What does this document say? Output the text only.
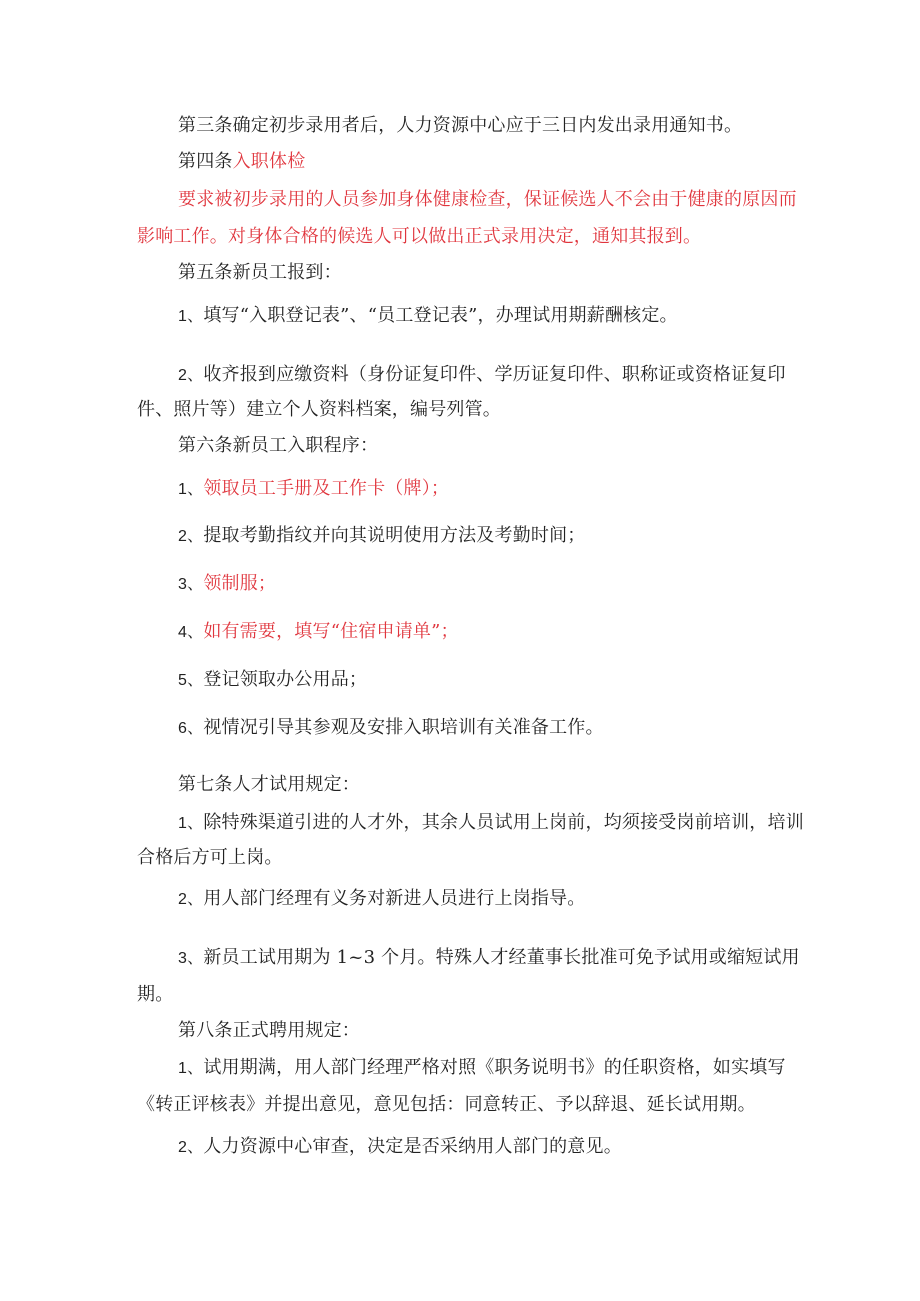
第三条确定初步录用者后，人力资源中心应于三日内发出录用通知书。
第四条入职体检
要求被初步录用的人员参加身体健康检查，保证候选人不会由于健康的原因而
影响工作。对身体合格的候选人可以做出正式录用决定，通知其报到。
第五条新员工报到：
1、填写“入职登记表”、“员工登记表”，办理试用期薪酬核定。
2、收齐报到应缴资料（身份证复印件、学历证复印件、职称证或资格证复印
件、照片等）建立个人资料档案，编号列管。
第六条新员工入职程序：
1、领取员工手册及工作卡（牌）；
2、提取考勤指纹并向其说明使用方法及考勤时间；
3、领制服；
4、如有需要，填写“住宿申请单”；
5、登记领取办公用品；
6、视情况引导其参观及安排入职培训有关准备工作。
第七条人才试用规定：
1、除特殊渠道引进的人才外，其余人员试用上岗前，均须接受岗前培训，培训
合格后方可上岗。
2、用人部门经理有义务对新进人员进行上岗指导。
3、新员工试用期为 1~3 个月。特殊人才经董事长批准可免予试用或缩短试用
期。
第八条正式聘用规定：
1、试用期满，用人部门经理严格对照《职务说明书》的任职资格，如实填写
《转正评核表》并提出意见，意见包括：同意转正、予以辞退、延长试用期。
2、人力资源中心审查，决定是否采纳用人部门的意见。
